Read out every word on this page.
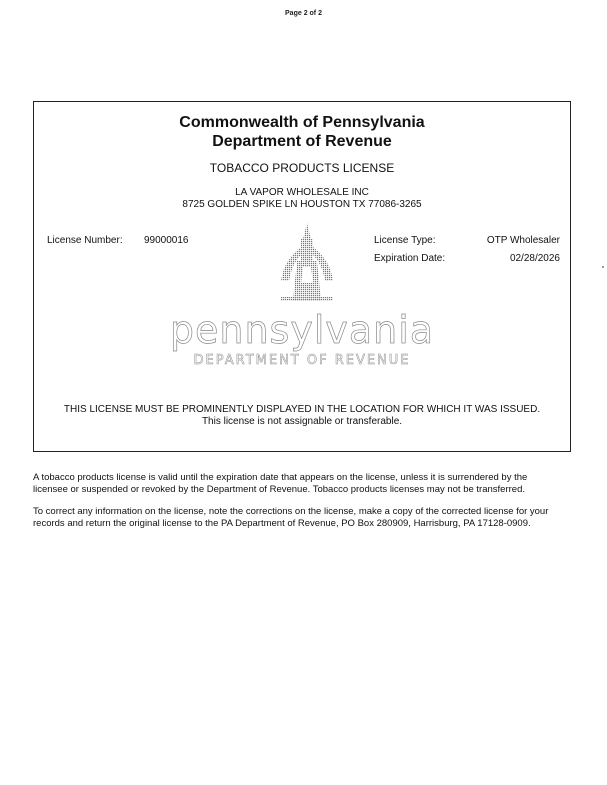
Page 2 of 2
Commonwealth of Pennsylvania
Department of Revenue
TOBACCO PRODUCTS LICENSE
LA VAPOR WHOLESALE INC
8725 GOLDEN SPIKE LN HOUSTON TX 77086-3265
License Number: 99000016	License Type:	OTP Wholesaler
Expiration Date:	02/28/2026
pennsylvania
DEPARTMENT OF REVENUE
THIS LICENSE MUST BE PROMINENTLY DISPLAYED IN THE LOCATION FOR WHICH IT WAS ISSUED.
This license is not assignable or transferable.
A tobacco products license is valid until the expiration date that appears on the license, unless it is surrendered by the licensee or suspended or revoked by the Department of Revenue. Tobacco products licenses may not be transferred.
To correct any information on the license, note the corrections on the license, make a copy of the corrected license for your records and return the original license to the PA Department of Revenue, PO Box 280909, Harrisburg, PA 17128-0909.
